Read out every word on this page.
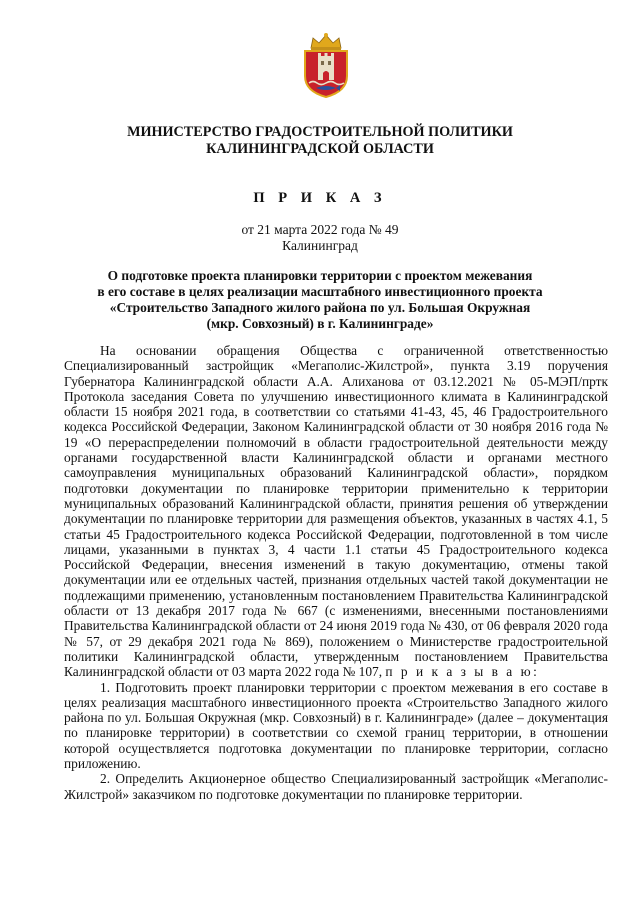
МИНИСТЕРСТВО ГРАДОСТРОИТЕЛЬНОЙ ПОЛИТИКИ
КАЛИНИНГРАДСКОЙ ОБЛАСТИ
П Р И К А З
от 21 марта 2022 года № 49
Калининград
О подготовке проекта планировки территории с проектом межевания
в его составе в целях реализации масштабного инвестиционного проекта
«Строительство Западного жилого района по ул. Большая Окружная
(мкр. Совхозный) в г. Калининграде»

На основании обращения Общества с ограниченной ответственностью Специализированный застройщик «Мегаполис-Жилстрой», пункта 3.19 поручения Губернатора Калининградской области А.А. Алиханова от 03.12.2021 № 05-МЭП/пртк Протокола заседания Совета по улучшению инвестиционного климата в Калининградской области 15 ноября 2021 года, в соответствии со статьями 41-43, 45, 46 Градостроительного кодекса Российской Федерации, Законом Калининградской области от 30 ноября 2016 года № 19 «О перераспределении полномочий в области градостроительной деятельности между органами государственной власти Калининградской области и органами местного самоуправления муниципальных образований Калининградской области», порядком подготовки документации по планировке территории применительно к территории муниципальных образований Калининградской области, принятия решения об утверждении документации по планировке территории для размещения объектов, указанных в частях 4.1, 5 статьи 45 Градостроительного кодекса Российской Федерации, подготовленной в том числе лицами, указанными в пунктах 3, 4 части 1.1 статьи 45 Градостроительного кодекса Российской Федерации, внесения изменений в такую документацию, отмены такой документации или ее отдельных частей, признания отдельных частей такой документации не подлежащими применению, установленным постановлением Правительства Калининградской области от 13 декабря 2017 года № 667 (с изменениями, внесенными постановлениями Правительства Калининградской области от 24 июня 2019 года № 430, от 06 февраля 2020 года № 57, от 29 декабря 2021 года № 869), положением о Министерстве градостроительной политики Калининградской области, утвержденным постановлением Правительства Калининградской области от 03 марта 2022 года № 107, п р и к а з ы в а ю:

1. Подготовить проект планировки территории с проектом межевания в его составе в целях реализация масштабного инвестиционного проекта «Строительство Западного жилого района по ул. Большая Окружная (мкр. Совхозный) в г. Калининграде» (далее – документация по планировке территории) в соответствии со схемой границ территории, в отношении которой осуществляется подготовка документации по планировке территории, согласно приложению.

2. Определить Акционерное общество Специализированный застройщик «Мегаполис-Жилстрой» заказчиком по подготовке документации по планировке территории.
